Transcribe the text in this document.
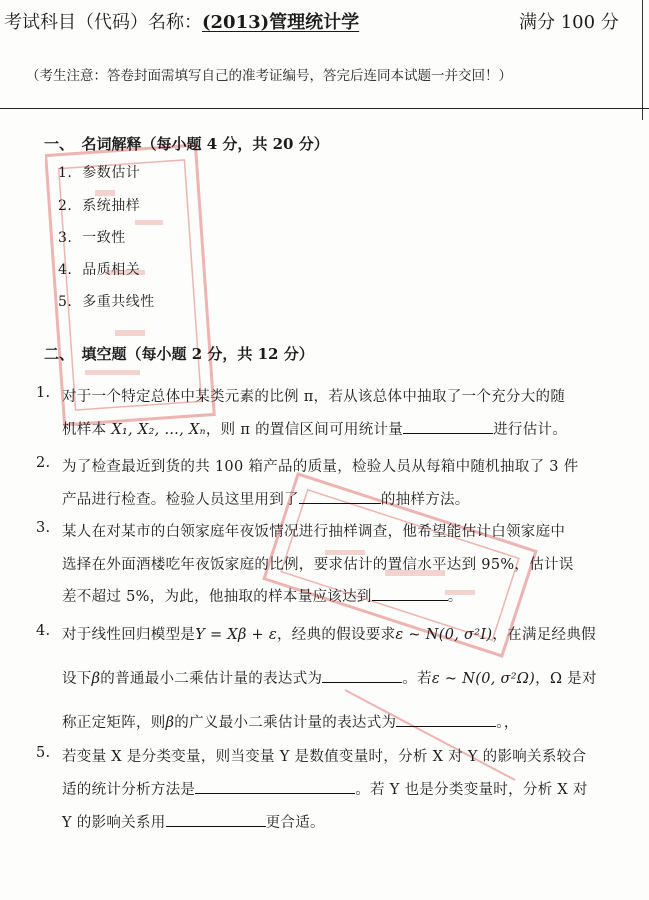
考试科目（代码）名称：(2013)管理统计学	满分 100 分
（考生注意：答卷封面需填写自己的准考证编号，答完后连同本试题一并交回！）
一、　名词解释（每小题 4 分，共 20 分）
1. 参数估计
2. 系统抽样
3. 一致性
4. 品质相关
5. 多重共线性
二、　填空题（每小题 2 分，共 12 分）
1. 对于一个特定总体中某类元素的比例 π，若从该总体中抽取了一个充分大的随
机样本 X₁, X₂, …, Xₙ，则 π 的置信区间可用统计量	进行估计。
2. 为了检查最近到货的共 100 箱产品的质量，检验人员从每箱中随机抽取了 3 件
产品进行检查。检验人员这里用到了	的抽样方法。
3. 某人在对某市的白领家庭年夜饭情况进行抽样调查，他希望能估计白领家庭中
选择在外面酒楼吃年夜饭家庭的比例，要求估计的置信水平达到 95%，估计误
差不超过 5%，为此，他抽取的样本量应该达到	。
4. 对于线性回归模型是Y = Xβ + ε，经典的假设要求ε ~ N(0, σ²I)，在满足经典假
设下β的普通最小二乘估计量的表达式为	。若ε ~ N(0, σ²Ω)，Ω 是对
称正定矩阵，则β的广义最小二乘估计量的表达式为	。，
5. 若变量 X 是分类变量，则当变量 Y 是数值变量时，分析 X 对 Y 的影响关系较合
适的统计分析方法是	。若 Y 也是分类变量时，分析 X 对
Y 的影响关系用	更合适。
